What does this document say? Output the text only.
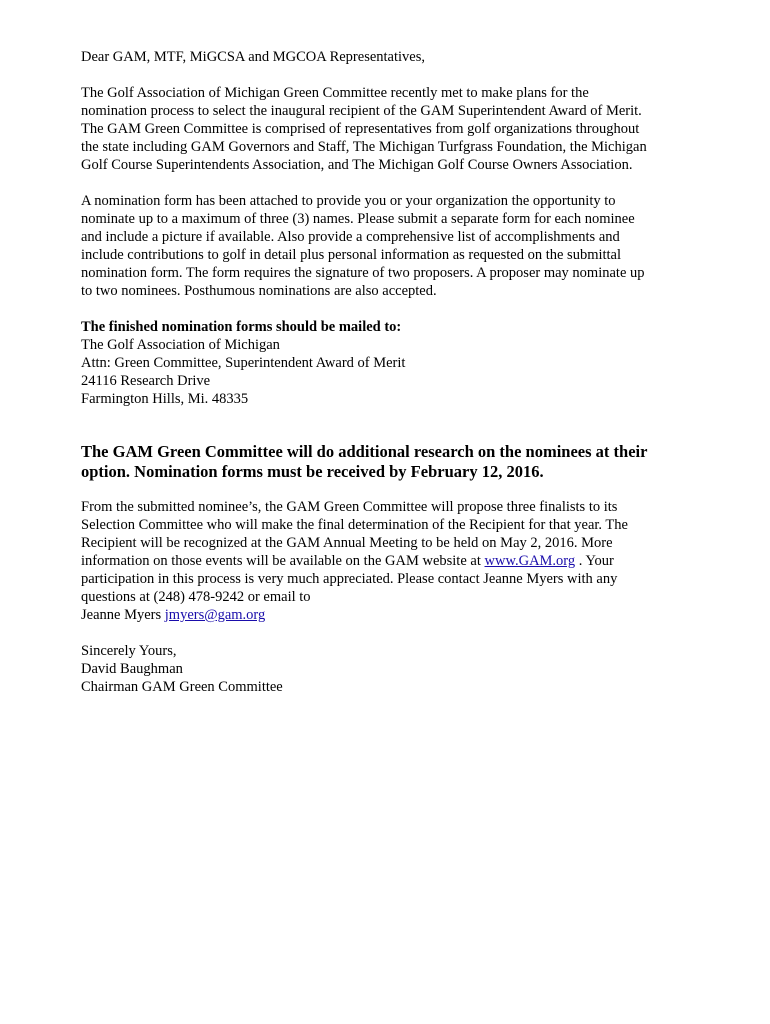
Dear GAM, MTF, MiGCSA and MGCOA Representatives,
The Golf Association of Michigan Green Committee recently met to make plans for the
nomination process to select the inaugural recipient of the GAM Superintendent Award of Merit.
The GAM Green Committee is comprised of representatives from golf organizations throughout
the state including GAM Governors and Staff, The Michigan Turfgrass Foundation, the Michigan
Golf Course Superintendents Association, and The Michigan Golf Course Owners Association.
A nomination form has been attached to provide you or your organization the opportunity to
nominate up to a maximum of three (3) names. Please submit a separate form for each nominee
and include a picture if available. Also provide a comprehensive list of accomplishments and
include contributions to golf in detail plus personal information as requested on the submittal
nomination form. The form requires the signature of two proposers. A proposer may nominate up
to two nominees. Posthumous nominations are also accepted.
The finished nomination forms should be mailed to:
The Golf Association of Michigan
Attn: Green Committee, Superintendent Award of Merit
24116 Research Drive
Farmington Hills, Mi. 48335
The GAM Green Committee will do additional research on the nominees at their
option. Nomination forms must be received by February 12, 2016.
From the submitted nominee’s, the GAM Green Committee will propose three finalists to its
Selection Committee who will make the final determination of the Recipient for that year. The
Recipient will be recognized at the GAM Annual Meeting to be held on May 2, 2016. More
information on those events will be available on the GAM website at www.GAM.org . Your
participation in this process is very much appreciated. Please contact Jeanne Myers with any
questions at (248) 478-9242 or email to
Jeanne Myers jmyers@gam.org
Sincerely Yours,
David Baughman
Chairman GAM Green Committee
